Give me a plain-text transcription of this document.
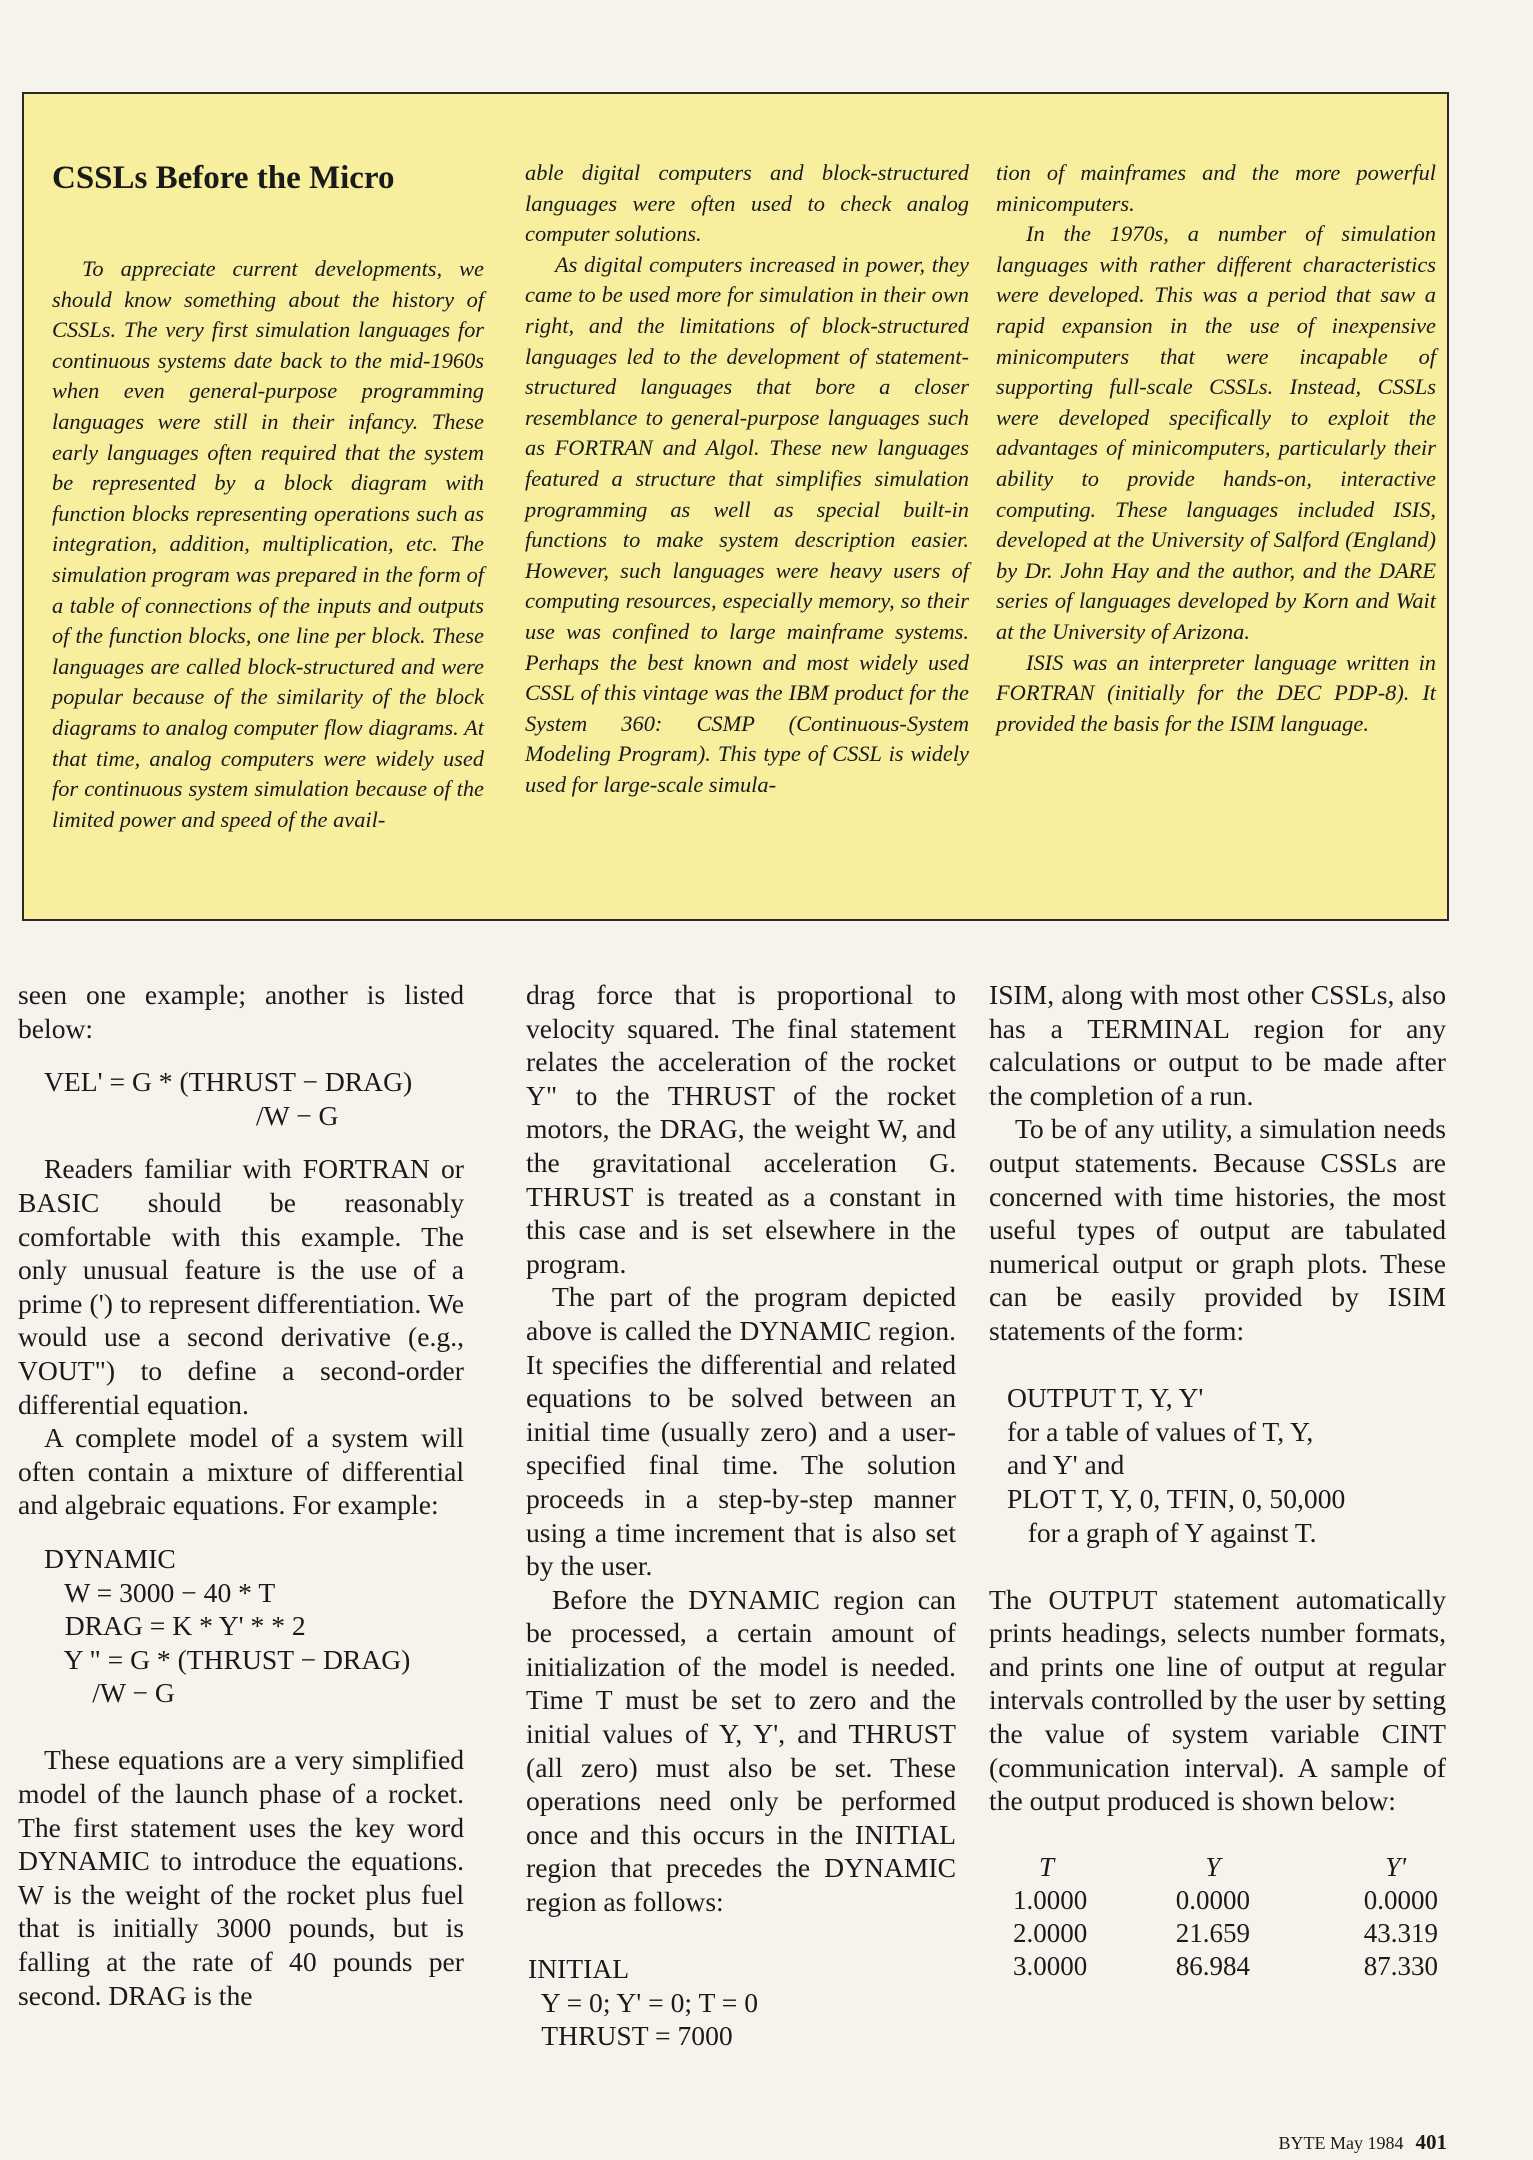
CSSLs Before the Micro

To appreciate current developments, we should know something about the history of CSSLs. The very first simulation languages for continuous systems date back to the mid-1960s when even general-purpose programming languages were still in their infancy. These early languages often required that the system be represented by a block diagram with function blocks representing operations such as integration, addition, multiplication, etc. The simulation program was prepared in the form of a table of connections of the inputs and outputs of the function blocks, one line per block. These languages are called block-structured and were popular because of the similarity of the block diagrams to analog computer flow diagrams. At that time, analog computers were widely used for continuous system simulation because of the limited power and speed of the avail-

able digital computers and block-structured languages were often used to check analog computer solutions.

As digital computers increased in power, they came to be used more for simulation in their own right, and the limitations of block-structured languages led to the development of statement-structured languages that bore a closer resemblance to general-purpose languages such as FORTRAN and Algol. These new languages featured a structure that simplifies simulation programming as well as special built-in functions to make system description easier. However, such languages were heavy users of computing resources, especially memory, so their use was confined to large mainframe systems. Perhaps the best known and most widely used CSSL of this vintage was the IBM product for the System 360: CSMP (Continuous-System Modeling Program). This type of CSSL is widely used for large-scale simula-

tion of mainframes and the more powerful minicomputers.

In the 1970s, a number of simulation languages with rather different characteristics were developed. This was a period that saw a rapid expansion in the use of inexpensive minicomputers that were incapable of supporting full-scale CSSLs. Instead, CSSLs were developed specifically to exploit the advantages of minicomputers, particularly their ability to provide hands-on, interactive computing. These languages included ISIS, developed at the University of Salford (England) by Dr. John Hay and the author, and the DARE series of languages developed by Korn and Wait at the University of Arizona.

ISIS was an interpreter language written in FORTRAN (initially for the DEC PDP-8). It provided the basis for the ISIM language.

seen one example; another is listed below:

VEL' = G * (THRUST − DRAG)
/W − G

Readers familiar with FORTRAN or BASIC should be reasonably comfortable with this example. The only unusual feature is the use of a prime (') to represent differentiation. We would use a second derivative (e.g., VOUT") to define a second-order differential equation.

A complete model of a system will often contain a mixture of differential and algebraic equations. For example:

DYNAMIC
W = 3000 − 40 * T
DRAG = K * Y' * * 2
Y " = G * (THRUST − DRAG)
/W − G

These equations are a very simplified model of the launch phase of a rocket. The first statement uses the key word DYNAMIC to introduce the equations. W is the weight of the rocket plus fuel that is initially 3000 pounds, but is falling at the rate of 40 pounds per second. DRAG is the

drag force that is proportional to velocity squared. The final statement relates the acceleration of the rocket Y" to the THRUST of the rocket motors, the DRAG, the weight W, and the gravitational acceleration G. THRUST is treated as a constant in this case and is set elsewhere in the program.

The part of the program depicted above is called the DYNAMIC region. It specifies the differential and related equations to be solved between an initial time (usually zero) and a user-specified final time. The solution proceeds in a step-by-step manner using a time increment that is also set by the user.

Before the DYNAMIC region can be processed, a certain amount of initialization of the model is needed. Time T must be set to zero and the initial values of Y, Y', and THRUST (all zero) must also be set. These operations need only be performed once and this occurs in the INITIAL region that precedes the DYNAMIC region as follows:

INITIAL
Y = 0; Y' = 0; T = 0
THRUST = 7000

ISIM, along with most other CSSLs, also has a TERMINAL region for any calculations or output to be made after the completion of a run.

To be of any utility, a simulation needs output statements. Because CSSLs are concerned with time histories, the most useful types of output are tabulated numerical output or graph plots. These can be easily provided by ISIM statements of the form:

OUTPUT T, Y, Y'
for a table of values of T, Y,
and Y' and
PLOT T, Y, 0, TFIN, 0, 50,000
for a graph of Y against T.

The OUTPUT statement automatically prints headings, selects number formats, and prints one line of output at regular intervals controlled by the user by setting the value of system variable CINT (communication interval). A sample of the output produced is shown below:

T	Y	Y'
1.0000	0.0000	0.0000
2.0000	21.659	43.319
3.0000	86.984	87.330
BYTE May 1984 401
